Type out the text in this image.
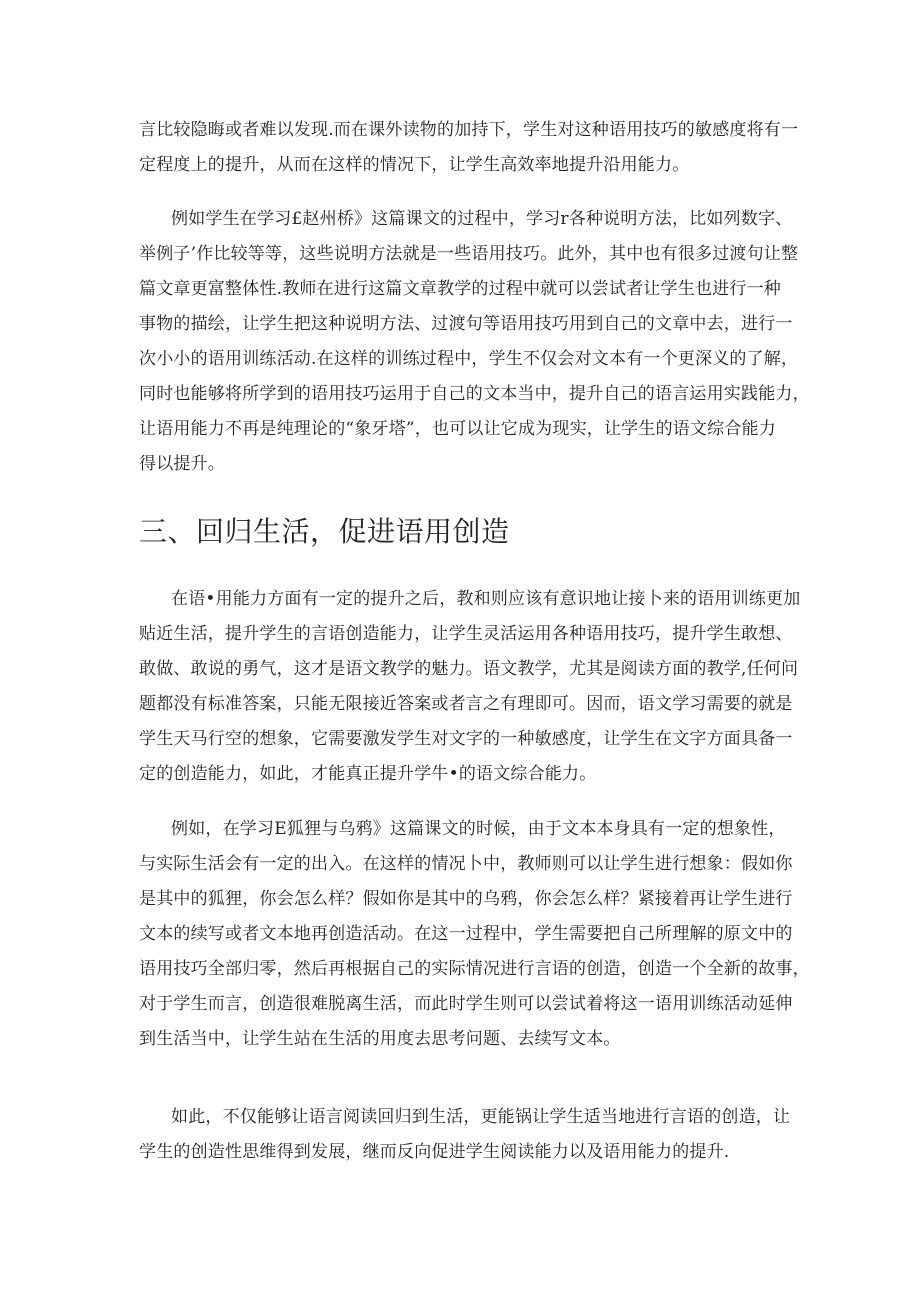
言比较隐晦或者难以发现.而在课外读物的加持下，学生对这种语用技巧的敏感度将有一
定程度上的提升，从而在这样的情况下，让学生高效率地提升沿用能力。
例如学生在学习£赵州桥》这篇课文的过程中，学习r各种说明方法，比如列数字、
举例子’作比较等等，这些说明方法就是一些语用技巧。此外，其中也有很多过渡句让整
篇文章更富整体性.教师在进行这篇文章教学的过程中就可以尝试者让学生也进行一种
事物的描绘，让学生把这种说明方法、过渡句等语用技巧用到自己的文章中去，进行一
次小小的语用训练活动.在这样的训练过程中，学生不仅会对文本有一个更深义的了解，
同时也能够将所学到的语用技巧运用于自己的文本当中，提升自己的语言运用实践能力，
让语用能力不再是纯理论的“象牙塔”，也可以让它成为现实，让学生的语文综合能力
得以提升。
三、回归生活，促进语用创造
在语•用能力方面有一定的提升之后，教和则应该有意识地让接卜来的语用训练更加
贴近生活，提升学生的言语创造能力，让学生灵活运用各种语用技巧，提升学生敢想、
敢做、敢说的勇气，这才是语文教学的魅力。语文教学，尤其是阅读方面的教学,任何问
题都没有标准答案，只能无限接近答案或者言之有理即可。因而，语文学习需要的就是
学生天马行空的想象，它需要激发学生对文字的一种敏感度，让学生在文字方面具备一
定的创造能力，如此，才能真正提升学牛•的语文综合能力。
例如，在学习E狐狸与乌鸦》这篇课文的时候，由于文本本身具有一定的想象性，
与实际生活会有一定的出入。在这样的情况卜中，教师则可以让学生进行想象：假如你
是其中的狐狸，你会怎么样？假如你是其中的乌鸦，你会怎么样？紧接着再让学生进行
文本的续写或者文本地再创造活动。在这一过程中，学生需要把自己所理解的原文中的
语用技巧全部归零，然后再根据自己的实际情况进行言语的创造，创造一个全新的故事，
对于学生而言，创造很难脱离生活，而此时学生则可以尝试着将这一语用训练活动延伸
到生活当中，让学生站在生活的用度去思考问题、去续写文本。
如此，不仅能够让语言阅读回归到生活，更能锅让学生适当地进行言语的创造，让
学生的创造性思维得到发展，继而反向促进学生阅读能力以及语用能力的提升.
